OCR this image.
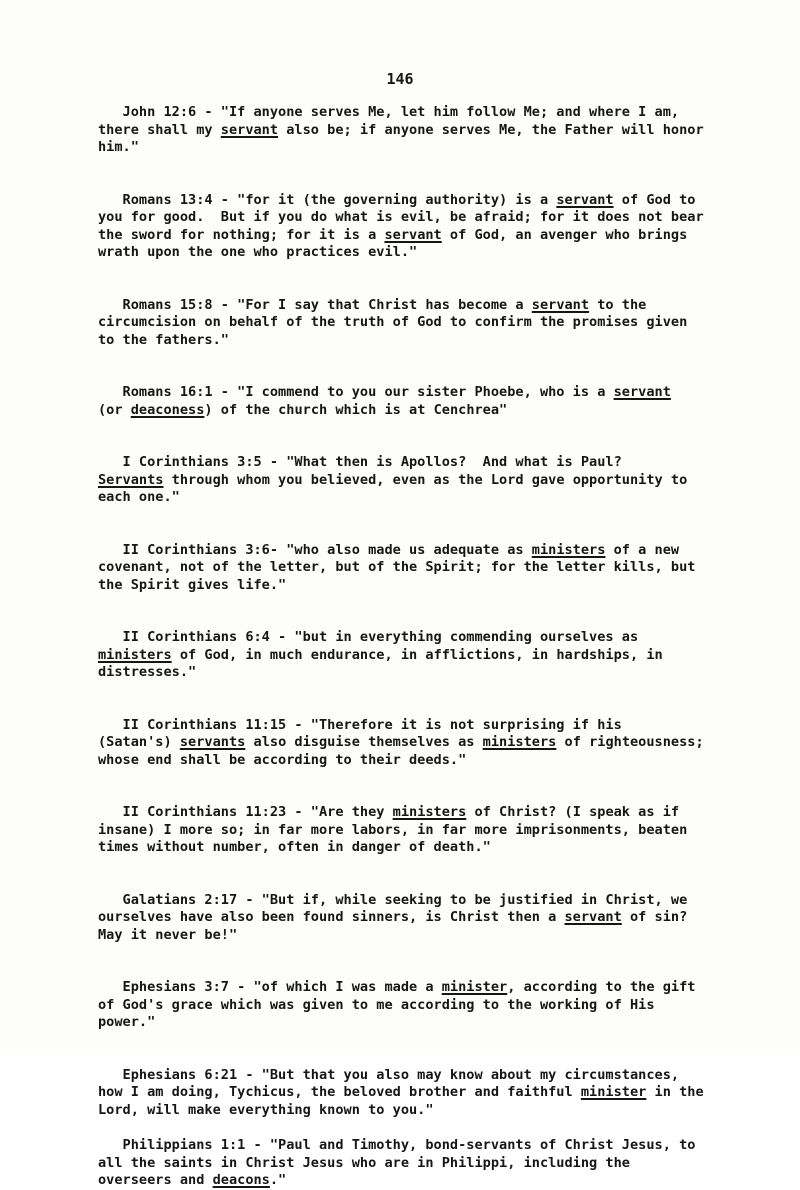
146

John 12:6 - "If anyone serves Me, let him follow Me; and where I am,
there shall my servant also be; if anyone serves Me, the Father will honor
him."

Romans 13:4 - "for it (the governing authority) is a servant of God to
you for good.  But if you do what is evil, be afraid; for it does not bear
the sword for nothing; for it is a servant of God, an avenger who brings
wrath upon the one who practices evil."

Romans 15:8 - "For I say that Christ has become a servant to the
circumcision on behalf of the truth of God to confirm the promises given
to the fathers."

Romans 16:1 - "I commend to you our sister Phoebe, who is a servant
(or deaconess) of the church which is at Cenchrea"

I Corinthians 3:5 - "What then is Apollos?  And what is Paul?
Servants through whom you believed, even as the Lord gave opportunity to
each one."

II Corinthians 3:6- "who also made us adequate as ministers of a new
covenant, not of the letter, but of the Spirit; for the letter kills, but
the Spirit gives life."

II Corinthians 6:4 - "but in everything commending ourselves as
ministers of God, in much endurance, in afflictions, in hardships, in
distresses."

II Corinthians 11:15 - "Therefore it is not surprising if his
(Satan's) servants also disguise themselves as ministers of righteousness;
whose end shall be according to their deeds."

II Corinthians 11:23 - "Are they ministers of Christ? (I speak as if
insane) I more so; in far more labors, in far more imprisonments, beaten
times without number, often in danger of death."

Galatians 2:17 - "But if, while seeking to be justified in Christ, we
ourselves have also been found sinners, is Christ then a servant of sin?
May it never be!"

Ephesians 3:7 - "of which I was made a minister, according to the gift
of God's grace which was given to me according to the working of His
power."

Ephesians 6:21 - "But that you also may know about my circumstances,
how I am doing, Tychicus, the beloved brother and faithful minister in the
Lord, will make everything known to you."

Philippians 1:1 - "Paul and Timothy, bond-servants of Christ Jesus, to
all the saints in Christ Jesus who are in Philippi, including the
overseers and deacons."
